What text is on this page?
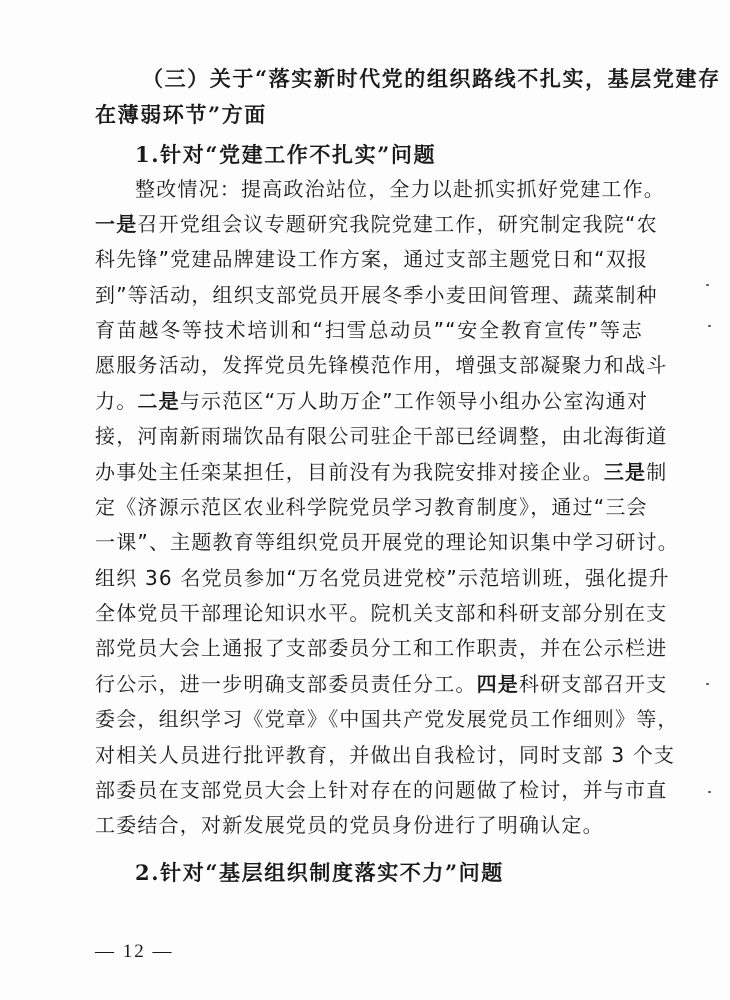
（三）关于“落实新时代党的组织路线不扎实，基层党建存
在薄弱环节”方面
1.针对“党建工作不扎实”问题
整改情况：提高政治站位，全力以赴抓实抓好党建工作。
一是召开党组会议专题研究我院党建工作，研究制定我院“农
科先锋”党建品牌建设工作方案，通过支部主题党日和“双报
到”等活动，组织支部党员开展冬季小麦田间管理、蔬菜制种
育苗越冬等技术培训和“扫雪总动员”“安全教育宣传”等志
愿服务活动，发挥党员先锋模范作用，增强支部凝聚力和战斗
力。二是与示范区“万人助万企”工作领导小组办公室沟通对
接，河南新雨瑞饮品有限公司驻企干部已经调整，由北海街道
办事处主任栾某担任，目前没有为我院安排对接企业。三是制
定《济源示范区农业科学院党员学习教育制度》，通过“三会
一课”、主题教育等组织党员开展党的理论知识集中学习研讨。
组织 36 名党员参加“万名党员进党校”示范培训班，强化提升
全体党员干部理论知识水平。院机关支部和科研支部分别在支
部党员大会上通报了支部委员分工和工作职责，并在公示栏进
行公示，进一步明确支部委员责任分工。四是科研支部召开支
委会，组织学习《党章》《中国共产党发展党员工作细则》等，
对相关人员进行批评教育，并做出自我检讨，同时支部 3 个支
部委员在支部党员大会上针对存在的问题做了检讨，并与市直
工委结合，对新发展党员的党员身份进行了明确认定。
2.针对“基层组织制度落实不力”问题
— 12 —
